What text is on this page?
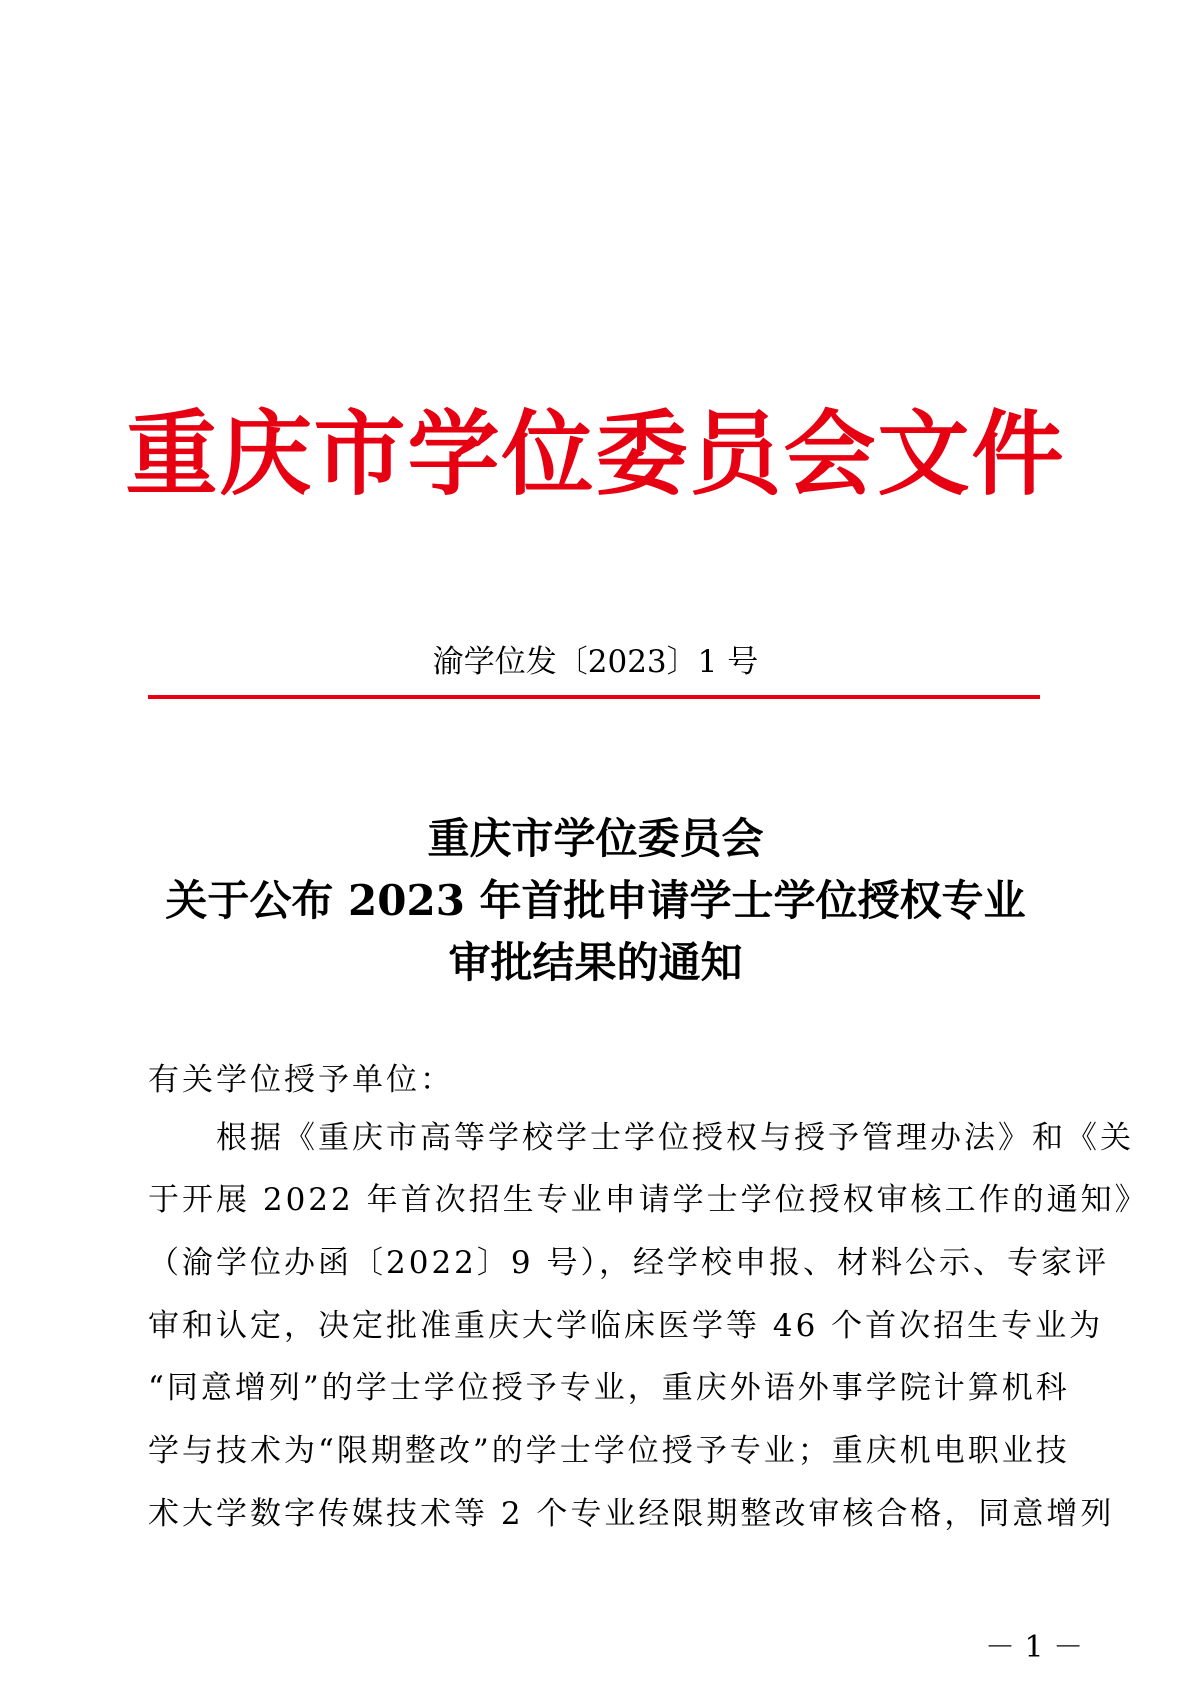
重庆市学位委员会文件
渝学位发〔2023〕1 号
重庆市学位委员会
关于公布 2023 年首批申请学士学位授权专业
审批结果的通知
有关学位授予单位：
　　根据《重庆市高等学校学士学位授权与授予管理办法》和《关
于开展 2022 年首次招生专业申请学士学位授权审核工作的通知》
（渝学位办函〔2022〕9 号），经学校申报、材料公示、专家评
审和认定，决定批准重庆大学临床医学等 46 个首次招生专业为
“同意增列”的学士学位授予专业，重庆外语外事学院计算机科
学与技术为“限期整改”的学士学位授予专业；重庆机电职业技
术大学数字传媒技术等 2 个专业经限期整改审核合格，同意增列
－ 1 －
